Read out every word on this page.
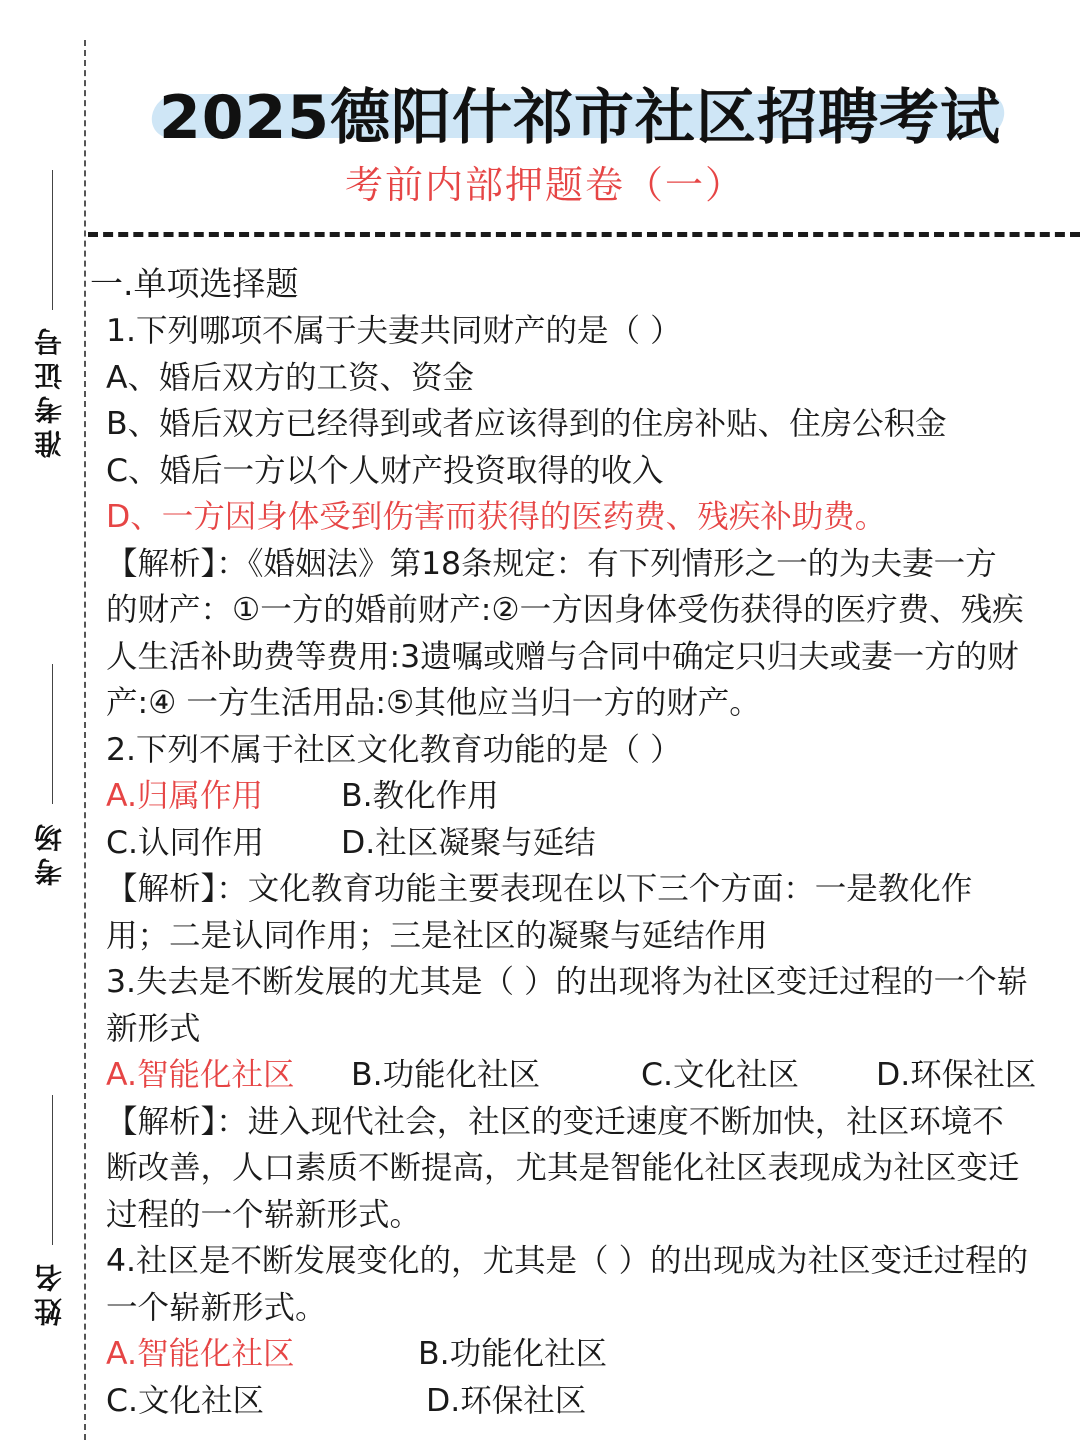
准考证号
考场
姓名
2025德阳什祁市社区招聘考试
考前内部押题卷（一）
一.单项选择题
1.下列哪项不属于夫妻共同财产的是（ ）
A、婚后双方的工资、资金
B、婚后双方已经得到或者应该得到的住房补贴、住房公积金
C、婚后一方以个人财产投资取得的收入
D、一方因身体受到伤害而获得的医药费、残疾补助费。
【解析】：《婚姻法》第18条规定：有下列情形之一的为夫妻一方
的财产：①一方的婚前财产:②一方因身体受伤获得的医疗费、残疾
人生活补助费等费用:3遗嘱或赠与合同中确定只归夫或妻一方的财
产:④ 一方生活用品:⑤其他应当归一方的财产。
2.下列不属于社区文化教育功能的是（ ）
A.归属作用 B.教化作用
C.认同作用 D.社区凝聚与延结
【解析】：文化教育功能主要表现在以下三个方面：一是教化作
用；二是认同作用；三是社区的凝聚与延结作用
3.失去是不断发展的尤其是（ ）的出现将为社区变迁过程的一个崭
新形式
A.智能化社区 B.功能化社区	C.文化社区 D.环保社区
【解析】：进入现代社会，社区的变迁速度不断加快，社区环境不
断改善，人口素质不断提高，尤其是智能化社区表现成为社区变迁
过程的一个崭新形式。
4.社区是不断发展变化的，尤其是（ ）的出现成为社区变迁过程的
一个崭新形式。
A.智能化社区	B.功能化社区
C.文化社区	D.环保社区
